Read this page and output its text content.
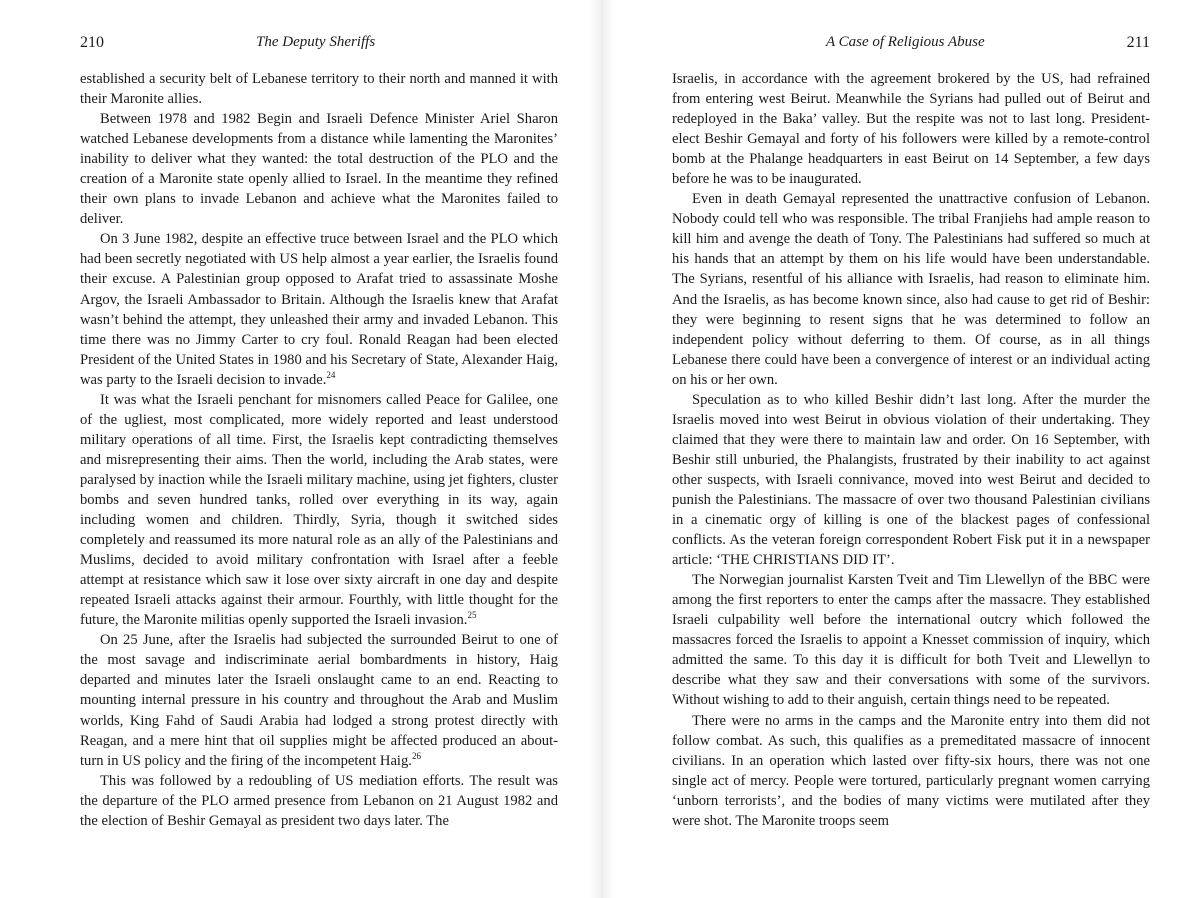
210	The Deputy Sheriffs

established a security belt of Lebanese territory to their north and manned it with their Maronite allies.

Between 1978 and 1982 Begin and Israeli Defence Minister Ariel Sharon watched Lebanese developments from a distance while lamenting the Maronites’ inability to deliver what they wanted: the total destruction of the PLO and the creation of a Maronite state openly allied to Israel. In the meantime they refined their own plans to invade Lebanon and achieve what the Maronites failed to deliver.

On 3 June 1982, despite an effective truce between Israel and the PLO which had been secretly negotiated with US help almost a year earlier, the Israelis found their excuse. A Palestinian group opposed to Arafat tried to assassinate Moshe Argov, the Israeli Ambassador to Britain. Although the Israelis knew that Arafat wasn’t behind the attempt, they unleashed their army and invaded Lebanon. This time there was no Jimmy Carter to cry foul. Ronald Reagan had been elected President of the United States in 1980 and his Secretary of State, Alexander Haig, was party to the Israeli decision to invade.$^{24}$

It was what the Israeli penchant for misnomers called Peace for Galilee, one of the ugliest, most complicated, more widely reported and least understood military operations of all time. First, the Israelis kept contradicting themselves and misrepresenting their aims. Then the world, including the Arab states, were paralysed by inaction while the Israeli military machine, using jet fighters, cluster bombs and seven hundred tanks, rolled over everything in its way, again including women and children. Thirdly, Syria, though it switched sides completely and reassumed its more natural role as an ally of the Palestinians and Muslims, decided to avoid military confrontation with Israel after a feeble attempt at resistance which saw it lose over sixty aircraft in one day and despite repeated Israeli attacks against their armour. Fourthly, with little thought for the future, the Maronite militias openly supported the Israeli invasion.$^{25}$

On 25 June, after the Israelis had subjected the surrounded Beirut to one of the most savage and indiscriminate aerial bombardments in history, Haig departed and minutes later the Israeli onslaught came to an end. Reacting to mounting internal pressure in his country and throughout the Arab and Muslim worlds, King Fahd of Saudi Arabia had lodged a strong protest directly with Reagan, and a mere hint that oil supplies might be affected produced an about-turn in US policy and the firing of the incompetent Haig.$^{26}$

This was followed by a redoubling of US mediation efforts. The result was the departure of the PLO armed presence from Lebanon on 21 August 1982 and the election of Beshir Gemayal as president two days later. The

A Case of Religious Abuse	211

Israelis, in accordance with the agreement brokered by the US, had refrained from entering west Beirut. Meanwhile the Syrians had pulled out of Beirut and redeployed in the Baka’ valley. But the respite was not to last long. President-elect Beshir Gemayal and forty of his followers were killed by a remote-control bomb at the Phalange headquarters in east Beirut on 14 September, a few days before he was to be inaugurated.

Even in death Gemayal represented the unattractive confusion of Lebanon. Nobody could tell who was responsible. The tribal Franjiehs had ample reason to kill him and avenge the death of Tony. The Palestinians had suffered so much at his hands that an attempt by them on his life would have been understandable. The Syrians, resentful of his alliance with Israelis, had reason to eliminate him. And the Israelis, as has become known since, also had cause to get rid of Beshir: they were beginning to resent signs that he was determined to follow an independent policy without deferring to them. Of course, as in all things Lebanese there could have been a convergence of interest or an individual acting on his or her own.

Speculation as to who killed Beshir didn’t last long. After the murder the Israelis moved into west Beirut in obvious violation of their undertaking. They claimed that they were there to maintain law and order. On 16 September, with Beshir still unburied, the Phalangists, frustrated by their inability to act against other suspects, with Israeli connivance, moved into west Beirut and decided to punish the Palestinians. The massacre of over two thousand Palestinian civilians in a cinematic orgy of killing is one of the blackest pages of confessional conflicts. As the veteran foreign correspondent Robert Fisk put it in a newspaper article: ‘THE CHRISTIANS DID IT’.

The Norwegian journalist Karsten Tveit and Tim Llewellyn of the BBC were among the first reporters to enter the camps after the massacre. They established Israeli culpability well before the international outcry which followed the massacres forced the Israelis to appoint a Knesset commission of inquiry, which admitted the same. To this day it is difficult for both Tveit and Llewellyn to describe what they saw and their conversations with some of the survivors. Without wishing to add to their anguish, certain things need to be repeated.

There were no arms in the camps and the Maronite entry into them did not follow combat. As such, this qualifies as a premeditated massacre of innocent civilians. In an operation which lasted over fifty-six hours, there was not one single act of mercy. People were tortured, particularly pregnant women carrying ‘unborn terrorists’, and the bodies of many victims were mutilated after they were shot. The Maronite troops seem
